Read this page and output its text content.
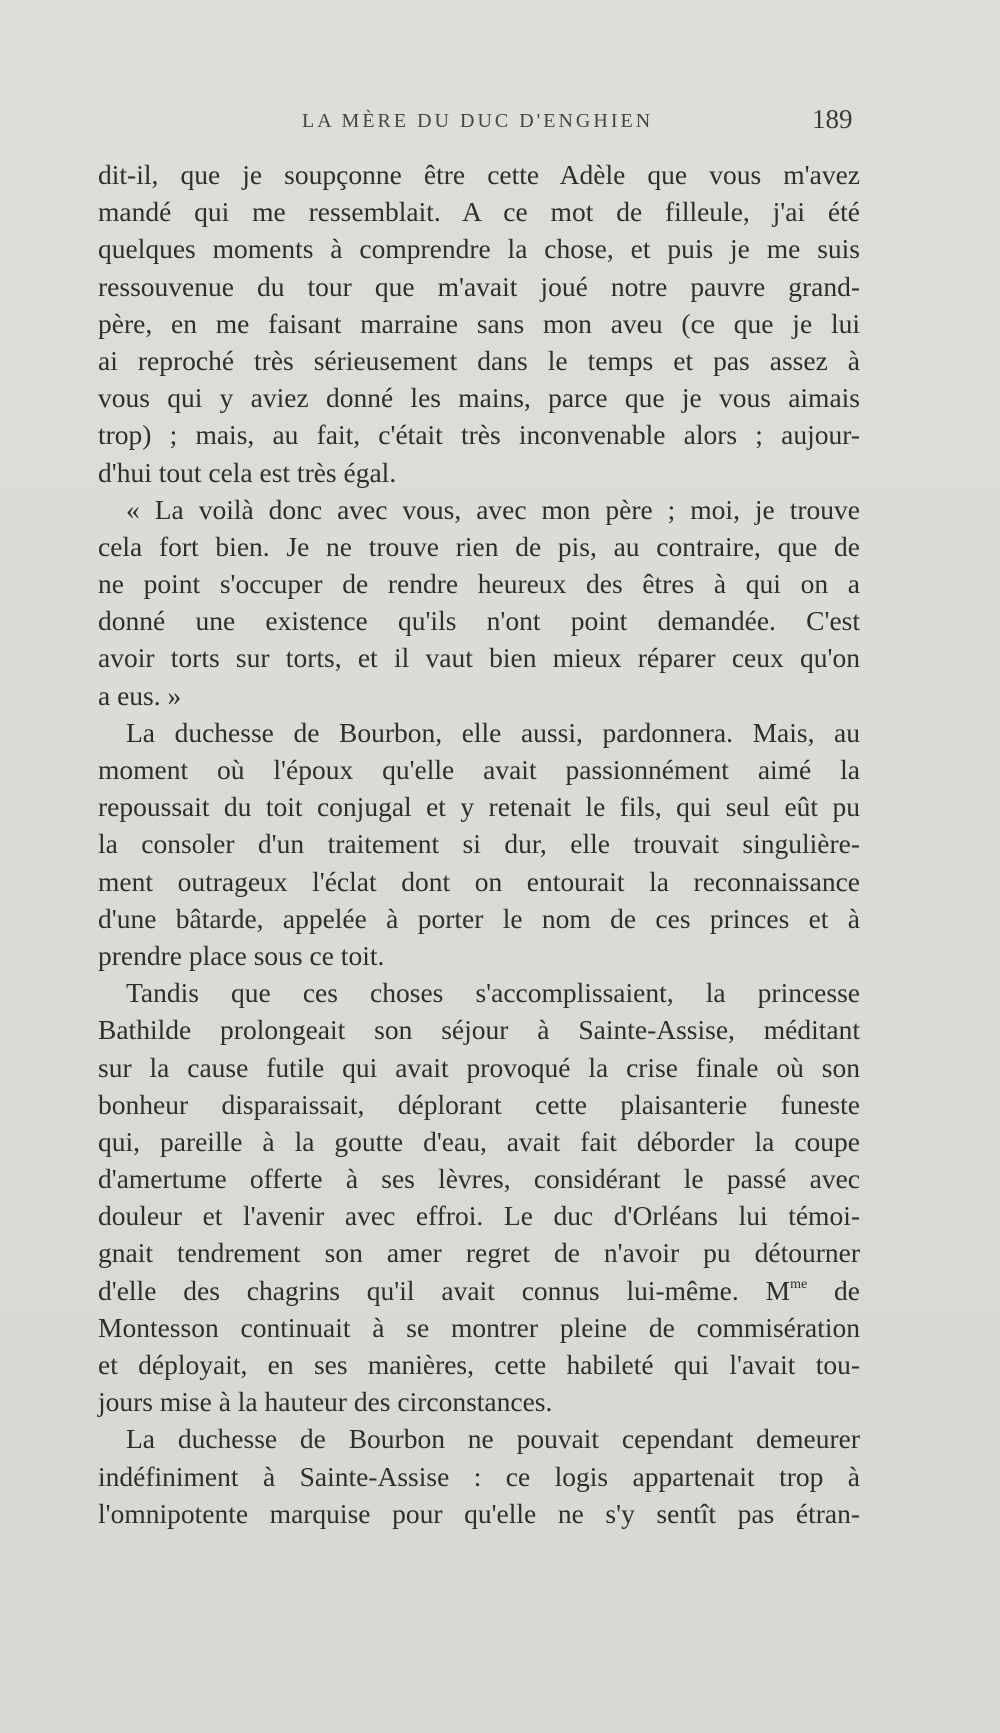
LA MÈRE DU DUC D'ENGHIEN	189
dit-il, que je soupçonne être cette Adèle que vous m'avez
mandé qui me ressemblait. A ce mot de filleule, j'ai été
quelques moments à comprendre la chose, et puis je me suis
ressouvenue du tour que m'avait joué notre pauvre grand-
père, en me faisant marraine sans mon aveu (ce que je lui
ai reproché très sérieusement dans le temps et pas assez à
vous qui y aviez donné les mains, parce que je vous aimais
trop) ; mais, au fait, c'était très inconvenable alors ; aujour-
d'hui tout cela est très égal.
« La voilà donc avec vous, avec mon père ; moi, je trouve
cela fort bien. Je ne trouve rien de pis, au contraire, que de
ne point s'occuper de rendre heureux des êtres à qui on a
donné une existence qu'ils n'ont point demandée. C'est
avoir torts sur torts, et il vaut bien mieux réparer ceux qu'on
a eus. »
La duchesse de Bourbon, elle aussi, pardonnera. Mais, au
moment où l'époux qu'elle avait passionnément aimé la
repoussait du toit conjugal et y retenait le fils, qui seul eût pu
la consoler d'un traitement si dur, elle trouvait singulière-
ment outrageux l'éclat dont on entourait la reconnaissance
d'une bâtarde, appelée à porter le nom de ces princes et à
prendre place sous ce toit.
Tandis que ces choses s'accomplissaient, la princesse
Bathilde prolongeait son séjour à Sainte-Assise, méditant
sur la cause futile qui avait provoqué la crise finale où son
bonheur disparaissait, déplorant cette plaisanterie funeste
qui, pareille à la goutte d'eau, avait fait déborder la coupe
d'amertume offerte à ses lèvres, considérant le passé avec
douleur et l'avenir avec effroi. Le duc d'Orléans lui témoi-
gnait tendrement son amer regret de n'avoir pu détourner
d'elle des chagrins qu'il avait connus lui-même. $M^{me}$ de
Montesson continuait à se montrer pleine de commisération
et déployait, en ses manières, cette habileté qui l'avait tou-
jours mise à la hauteur des circonstances.
La duchesse de Bourbon ne pouvait cependant demeurer
indéfiniment à Sainte-Assise : ce logis appartenait trop à
l'omnipotente marquise pour qu'elle ne s'y sentît pas étran-
